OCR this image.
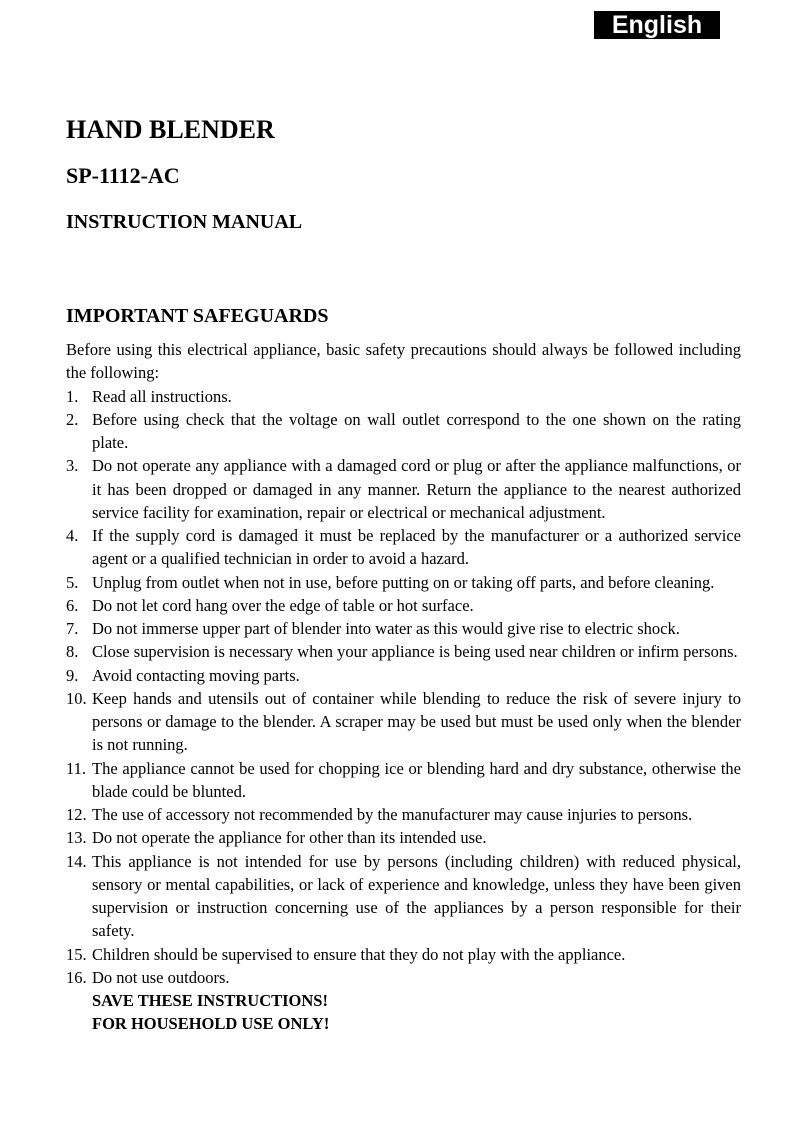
English
HAND BLENDER
SP-1112-AC
INSTRUCTION MANUAL
IMPORTANT SAFEGUARDS

Before using this electrical appliance, basic safety precautions should always be followed including the following:

1. Read all instructions.
2. Before using check that the voltage on wall outlet correspond to the one shown on the rating plate.
3. Do not operate any appliance with a damaged cord or plug or after the appliance malfunctions, or it has been dropped or damaged in any manner. Return the appliance to the nearest authorized service facility for examination, repair or electrical or mechanical adjustment.
4. If the supply cord is damaged it must be replaced by the manufacturer or a authorized service agent or a qualified technician in order to avoid a hazard.
5. Unplug from outlet when not in use, before putting on or taking off parts, and before cleaning.
6. Do not let cord hang over the edge of table or hot surface.
7. Do not immerse upper part of blender into water as this would give rise to electric shock.
8. Close supervision is necessary when your appliance is being used near children or infirm persons.
9. Avoid contacting moving parts.
10. Keep hands and utensils out of container while blending to reduce the risk of severe injury to persons or damage to the blender. A scraper may be used but must be used only when the blender is not running.
11. The appliance cannot be used for chopping ice or blending hard and dry substance, otherwise the blade could be blunted.
12. The use of accessory not recommended by the manufacturer may cause injuries to persons.
13. Do not operate the appliance for other than its intended use.
14. This appliance is not intended for use by persons (including children) with reduced physical, sensory or mental capabilities, or lack of experience and knowledge, unless they have been given supervision or instruction concerning use of the appliances by a person responsible for their safety.
15. Children should be supervised to ensure that they do not play with the appliance.
16. Do not use outdoors.

SAVE THESE INSTRUCTIONS!

FOR HOUSEHOLD USE ONLY!
